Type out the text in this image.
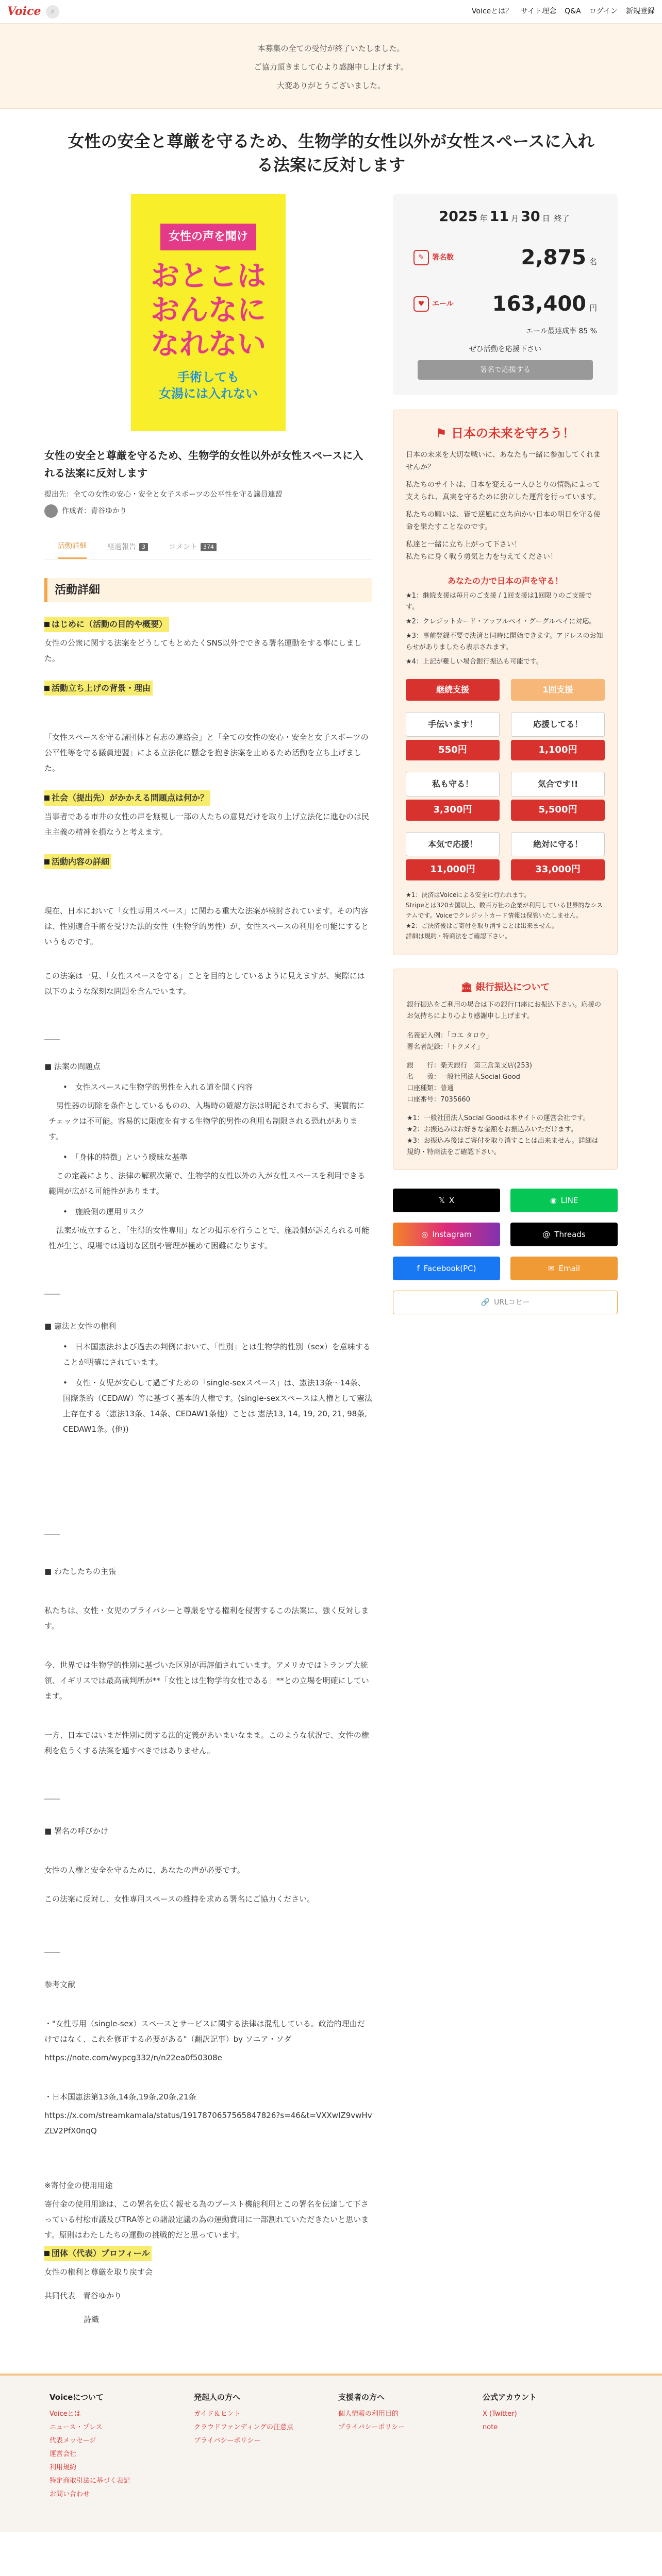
Voice	⌕	Voiceとは？ サイト理念 Q&A ログイン 新規登録
本募集の全ての受付が終了いたしました。
ご協力頂きまして心より感謝申し上げます。
大変ありがとうございました。
女性の安全と尊厳を守るため、生物学的女性以外が女性スペースに入れる法案に反対します
女性の声を聞け
おとこは
おんなに
なれない
手術しても
女湯には入れない
女性の安全と尊厳を守るため、生物学的女性以外が女性スペースに入れる法案に反対します
提出先：全ての女性の安心・安全と女子スポーツの公平性を守る議員連盟
作成者：青谷ゆかり
活動詳細	経過報告	3	コメント	374
活動詳細
はじめに（活動の目的や概要）
女性の公衆に関する法案をどうしてもとめたくSNS以外でできる署名運動をする事にしました。
活動立ち上げの背景・理由
「女性スペースを守る諸団体と有志の連絡会」と「全ての女性の安心・安全と女子スポーツの公平性等を守る議員連盟」による立法化に懸念を抱き法案を止めるため活動を立ち上げました。
社会（提出先）がかかえる問題点は何か？
当事者である市井の女性の声を無視し一部の人たちの意見だけを取り上げ立法化に進むのは民主主義の精神を損なうと考えます。
活動内容の詳細
現在、日本において「女性専用スペース」に関わる重大な法案が検討されています。その内容は、性別適合手術を受けた法的女性（生物学的男性）が、女性スペースの利用を可能にするというものです。
この法案は一見、「女性スペースを守る」ことを目的としているように見えますが、実際には以下のような深刻な問題を含んでいます。
――
■ 法案の問題点
•　女性スペースに生物学的男性を入れる道を開く内容
　男性器の切除を条件としているものの、入場時の確認方法は明記されておらず、実質的にチェックは不可能。容易的に限度を有する生物学的男性の利用も制限される恐れがあります。
•　「身体的特徴」という曖昧な基準
　この定義により、法律の解釈次第で、生物学的女性以外の入が女性スペースを利用できる範囲が広がる可能性があります。
•　施設側の運用リスク
　法案が成立すると、「生得的女性専用」などの掲示を行うことで、施設側が訴えられる可能性が生じ、現場では適切な区別や管理が極めて困難になります。
――
■ 憲法と女性の権利
•　日本国憲法および過去の判例において、「性別」とは生物学的性別（sex）を意味することが明確にされています。
•　女性・女児が安心して過ごすための「single-sexスペース」は、憲法13条～14条、国際条約（CEDAW）等に基づく基本的人権です。(single-sexスペースは人権として憲法上存在する（憲法13条、14条、CEDAW1条他）ことは 憲法13, 14, 19, 20, 21, 98条, CEDAW1条。(他))
――
■ わたしたちの主張
私たちは、女性・女児のプライバシーと尊厳を守る権利を侵害するこの法案に、強く反対します。
今、世界では生物学的性別に基づいた区別が再評価されています。アメリカではトランプ大統領、イギリスでは最高裁判所が**「女性とは生物学的女性である」**との立場を明確にしています。
一方、日本ではいまだ性別に関する法的定義があいまいなまま。このような状況で、女性の権利を危うくする法案を通すべきではありません。
――
■ 署名の呼びかけ
女性の人権と安全を守るために、あなたの声が必要です。
この法案に反対し、女性専用スペースの維持を求める署名にご協力ください。
――
参考文献
・"女性専用（single-sex）スペースとサービスに関する法律は混乱している。政治的理由だけではなく、これを修正する必要がある"（翻訳記事）by ソニア・ソダ
https://note.com/wypcg332/n/n22ea0f50308e
・日本国憲法第13条,14条,19条,20条,21条
https://x.com/streamkamala/status/1917870657565847826?s=46&t=VXXwIZ9vwHvZLV2PfX0nqQ
※寄付金の使用用途
寄付金の使用用途は、この署名を広く報せる為のブースト機能利用とこの署名を伝達して下さっている村松市議及びTRA等との諸設定議の為の運動費用に一部割れていただきたいと思います。原則はわたしたちの運動の挑戦的だと思っています。
団体（代表）プロフィール
女性の権利と尊厳を取り戻す会
共同代表　青谷ゆかり
詩織
2025 年 11 月 30 日 終了
✎	署名数	2,875 名
♥	エール 163,400 円
エール最達成率 85 %
ぜひ活動を応援下さい
署名で応援する
⚑ 日本の未来を守ろう！

日本の未来を大切な戦いに、あなたも一緒に参加してくれませんか？

私たちのサイトは、日本を変える一人ひとりの情熱によって支えられ、真実を守るために独立した運営を行っています。

私たちの願いは、皆で逆風に立ち向かい日本の明日を守る使命を果たすことなのです。

私達と一緒に立ち上がって下さい！

私たちに身く戦う勇気と力を与えてください！

あなたの力で日本の声を守る！
★1：継続支援は毎月のご支援 / 1回支援は1回限りのご支援です。
★2：クレジットカード・アップルペイ・グーグルペイに対応。
★3：事前登録不要で決済と同時に開始できます。アドレスのお知らせがありましたら表示されます。
★4：上記が難しい場合銀行振込も可能です。
継続支援	1回支援
手伝います！
550円
応援してる！
1,100円
私も守る！
3,300円
気合です!!
5,500円
本気で応援！
11,000円
絶対に守る！
33,000円
★1：決済はVoiceによる安全に行われます。
Stripeとは320カ国以上、数百万社の企業が利用している世界的なシステムです。Voiceでクレジットカード情報は保管いたしません。
★2：ご決済後はご寄付を取り消すことは出来ません。
詳細は規約・特商法をご確認下さい。
🏛 銀行振込について

銀行振込をご利用の場合は下の銀行口座にお振込下さい。応援のお気持ちにより心より感謝申し上げます。

名義記入例：「コエ タロウ」

署名者記録：「トクメイ」

銀　　行：楽天銀行　第三営業支店(253)
名　　義：一般社団法人Social Good
口座種類：普通
口座番号：7035660
★1：一般社団法人Social Goodは本サイトの運営会社です。
★2：お振込みはお好きな金額をお振込みいただけます。
★3：お振込み後はご寄付を取り消すことは出来ません。詳細は規約・特商法をご確認下さい。
𝕏 X	◉ LINE
◎ Instagram	@ Threads
f Facebook(PC)	✉ Email
🔗 URLコピー
Voiceについて
Voiceとは
ニュース・プレス
代表メッセージ
運営会社
利用規約
特定商取引法に基づく表記
お問い合わせ
発起人の方へ
ガイド＆ヒント
クラウドファンディングの注意点
プライバシーポリシー
支援者の方へ
個人情報の利用目的
プライバシーポリシー
公式アカウント
X (Twitter)
note
